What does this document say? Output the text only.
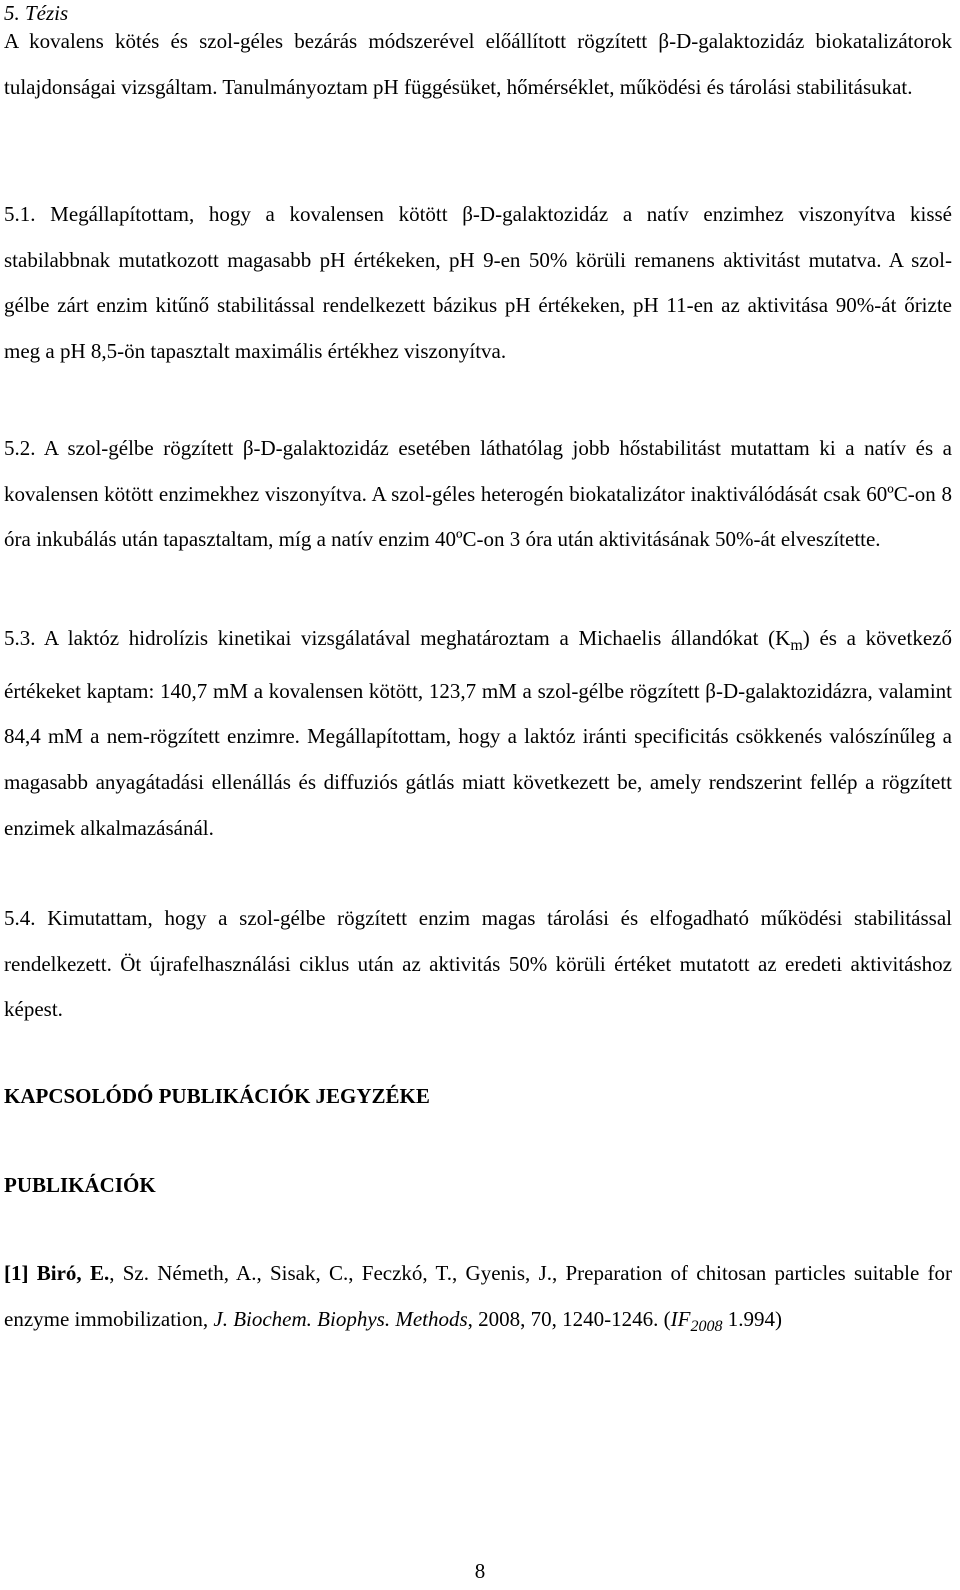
5. Tézis

A kovalens kötés és szol-géles bezárás módszerével előállított rögzített β-D-galaktozidáz biokatalizátorok tulajdonságai vizsgáltam. Tanulmányoztam pH függésüket, hőmérséklet, működési és tárolási stabilitásukat.

5.1. Megállapítottam, hogy a kovalensen kötött β-D-galaktozidáz a natív enzimhez viszonyítva kissé stabilabbnak mutatkozott magasabb pH értékeken, pH 9-en 50% körüli remanens aktivitást mutatva. A szol-gélbe zárt enzim kitűnő stabilitással rendelkezett bázikus pH értékeken, pH 11-en az aktivitása 90%-át őrizte meg a pH 8,5-ön tapasztalt maximális értékhez viszonyítva.

5.2. A szol-gélbe rögzített β-D-galaktozidáz esetében láthatólag jobb hőstabilitást mutattam ki a natív és a kovalensen kötött enzimekhez viszonyítva. A szol-géles heterogén biokatalizátor inaktiválódását csak 60ºC-on 8 óra inkubálás után tapasztaltam, míg a natív enzim 40ºC-on 3 óra után aktivitásának 50%-át elveszítette.

5.3. A laktóz hidrolízis kinetikai vizsgálatával meghatároztam a Michaelis állandókat $(K_m)$ és a következő értékeket kaptam: 140,7 mM a kovalensen kötött, 123,7 mM a szol-gélbe rögzített β-D-galaktozidázra, valamint 84,4 mM a nem-rögzített enzimre. Megállapítottam, hogy a laktóz iránti specificitás csökkenés valószínűleg a magasabb anyagátadási ellenállás és diffuziós gátlás miatt következett be, amely rendszerint fellép a rögzített enzimek alkalmazásánál.

5.4. Kimutattam, hogy a szol-gélbe rögzített enzim magas tárolási és elfogadható működési stabilitással rendelkezett. Öt újrafelhasználási ciklus után az aktivitás 50% körüli értéket mutatott az eredeti aktivitáshoz képest.

KAPCSOLÓDÓ PUBLIKÁCIÓK JEGYZÉKE

PUBLIKÁCIÓK

[1] Biró, E., Sz. Németh, A., Sisak, C., Feczkó, T., Gyenis, J., Preparation of chitosan particles suitable for enzyme immobilization, J. Biochem. Biophys. Methods, 2008, 70, 1240-1246. ($IF_{2008}$ 1.994)

8
